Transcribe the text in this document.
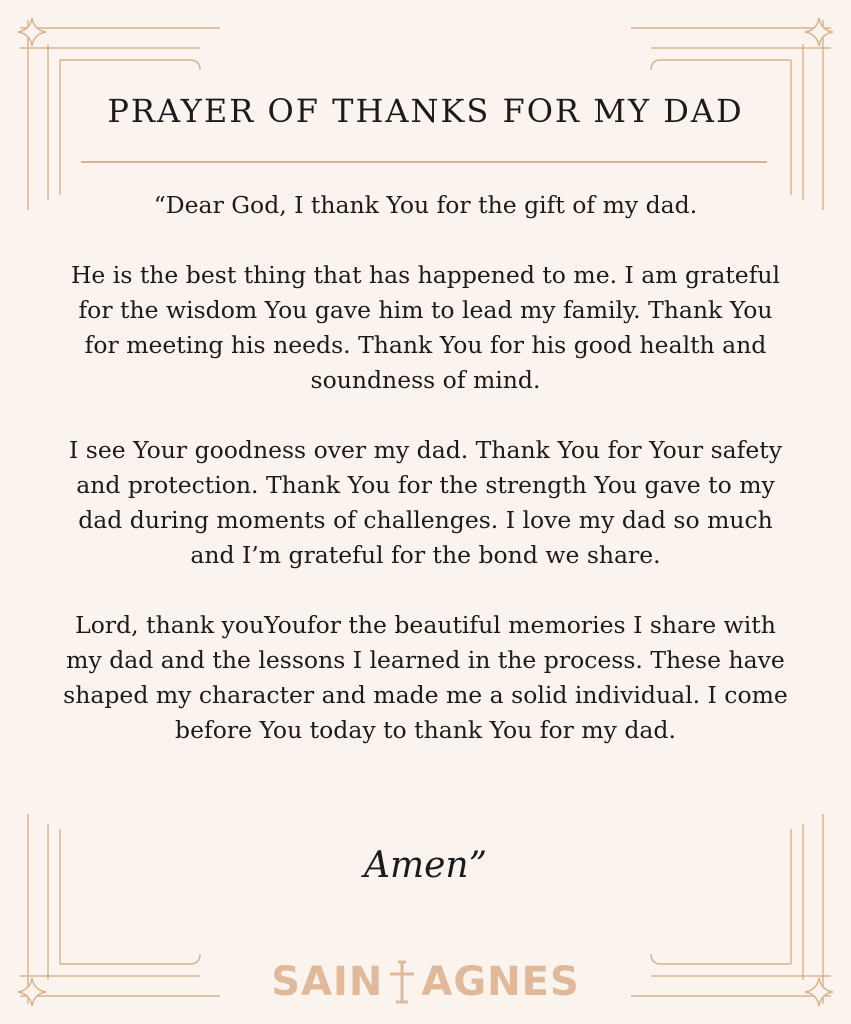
PRAYER OF THANKS FOR MY DAD

“Dear God, I thank You for the gift of my dad.

He is the best thing that has happened to me. I am grateful for the wisdom You gave him to lead my family. Thank You for meeting his needs. Thank You for his good health and soundness of mind.

I see Your goodness over my dad. Thank You for Your safety and protection. Thank You for the strength You gave to my dad during moments of challenges. I love my dad so much and I’m grateful for the bond we share.

Lord, thank youYoufor the beautiful memories I share with my dad and the lessons I learned in the process. These have shaped my character and made me a solid individual. I come before You today to thank You for my dad.

Amen”
SAIN AGNES
